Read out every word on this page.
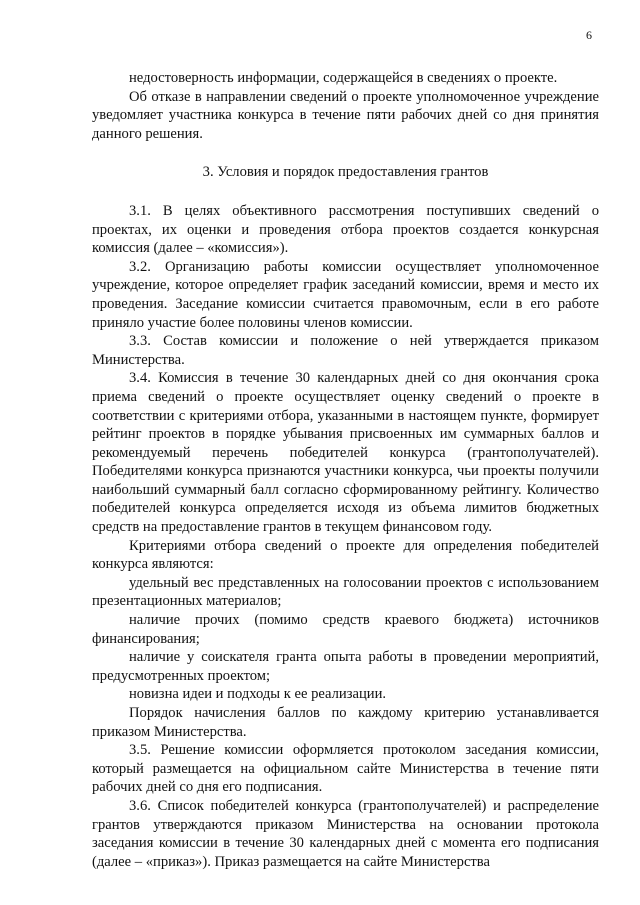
6

недостоверность информации, содержащейся в сведениях о проекте.

Об отказе в направлении сведений о проекте уполномоченное учреждение уведомляет участника конкурса в течение пяти рабочих дней со дня принятия данного решения.

3. Условия и порядок предоставления грантов

3.1. В целях объективного рассмотрения поступивших сведений о проектах, их оценки и проведения отбора проектов создается конкурсная комиссия (далее – «комиссия»).

3.2. Организацию работы комиссии осуществляет уполномоченное учреждение, которое определяет график заседаний комиссии, время и место их проведения. Заседание комиссии считается правомочным, если в его работе приняло участие более половины членов комиссии.

3.3. Состав комиссии и положение о ней утверждается приказом Министерства.

3.4. Комиссия в течение 30 календарных дней со дня окончания срока приема сведений о проекте осуществляет оценку сведений о проекте в соответствии с критериями отбора, указанными в настоящем пункте, формирует рейтинг проектов в порядке убывания присвоенных им суммарных баллов и рекомендуемый перечень победителей конкурса (грантополучателей). Победителями конкурса признаются участники конкурса, чьи проекты получили наибольший суммарный балл согласно сформированному рейтингу. Количество победителей конкурса определяется исходя из объема лимитов бюджетных средств на предоставление грантов в текущем финансовом году.

Критериями отбора сведений о проекте для определения победителей конкурса являются:

удельный вес представленных на голосовании проектов с использованием презентационных материалов;

наличие прочих (помимо средств краевого бюджета) источников финансирования;

наличие у соискателя гранта опыта работы в проведении мероприятий, предусмотренных проектом;

новизна идеи и подходы к ее реализации.

Порядок начисления баллов по каждому критерию устанавливается приказом Министерства.

3.5. Решение комиссии оформляется протоколом заседания комиссии, который размещается на официальном сайте Министерства в течение пяти рабочих дней со дня его подписания.

3.6. Список победителей конкурса (грантополучателей) и распределение грантов утверждаются приказом Министерства на основании протокола заседания комиссии в течение 30 календарных дней с момента его подписания (далее – «приказ»). Приказ размещается на сайте Министерства
